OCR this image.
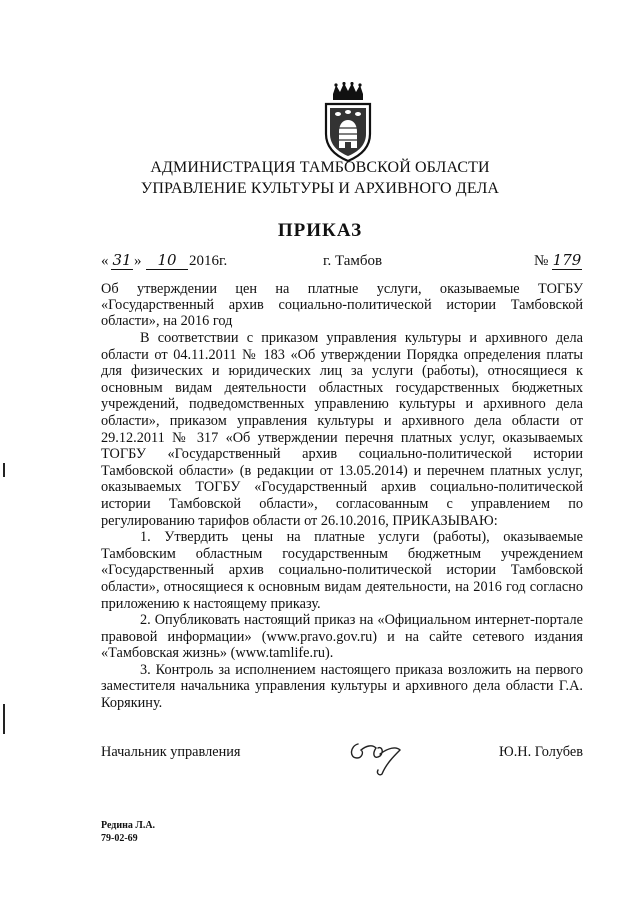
АДМИНИСТРАЦИЯ ТАМБОВСКОЙ ОБЛАСТИ
УПРАВЛЕНИЕ КУЛЬТУРЫ И АРХИВНОГО ДЕЛА
ПРИКАЗ
« 31 »	10 2016г.	г. Тамбов	№ 179
Об утверждении цен на платные услуги, оказываемые ТОГБУ «Государственный архив социально-политической истории Тамбовской области», на 2016 год

В соответствии с приказом управления культуры и архивного дела области от 04.11.2011 № 183 «Об утверждении Порядка определения платы для физических и юридических лиц за услуги (работы), относящиеся к основным видам деятельности областных государственных бюджетных учреждений, подведомственных управлению культуры и архивного дела области», приказом управления культуры и архивного дела области от 29.12.2011 № 317 «Об утверждении перечня платных услуг, оказываемых ТОГБУ «Государственный архив социально-политической истории Тамбовской области» (в редакции от 13.05.2014) и перечнем платных услуг, оказываемых ТОГБУ «Государственный архив социально-политической истории Тамбовской области», согласованным с управлением по регулированию тарифов области от 26.10.2016, ПРИКАЗЫВАЮ:

1. Утвердить цены на платные услуги (работы), оказываемые Тамбовским областным государственным бюджетным учреждением «Государственный архив социально-политической истории Тамбовской области», относящиеся к основным видам деятельности, на 2016 год согласно приложению к настоящему приказу.

2. Опубликовать настоящий приказ на «Официальном интернет-портале правовой информации» (www.pravo.gov.ru) и на сайте сетевого издания «Тамбовская жизнь» (www.tamlife.ru).

3. Контроль за исполнением настоящего приказа возложить на первого заместителя начальника управления культуры и архивного дела области Г.А. Корякину.

Начальник управления	Ю.Н. Голубев
Редина Л.А.
79-02-69
